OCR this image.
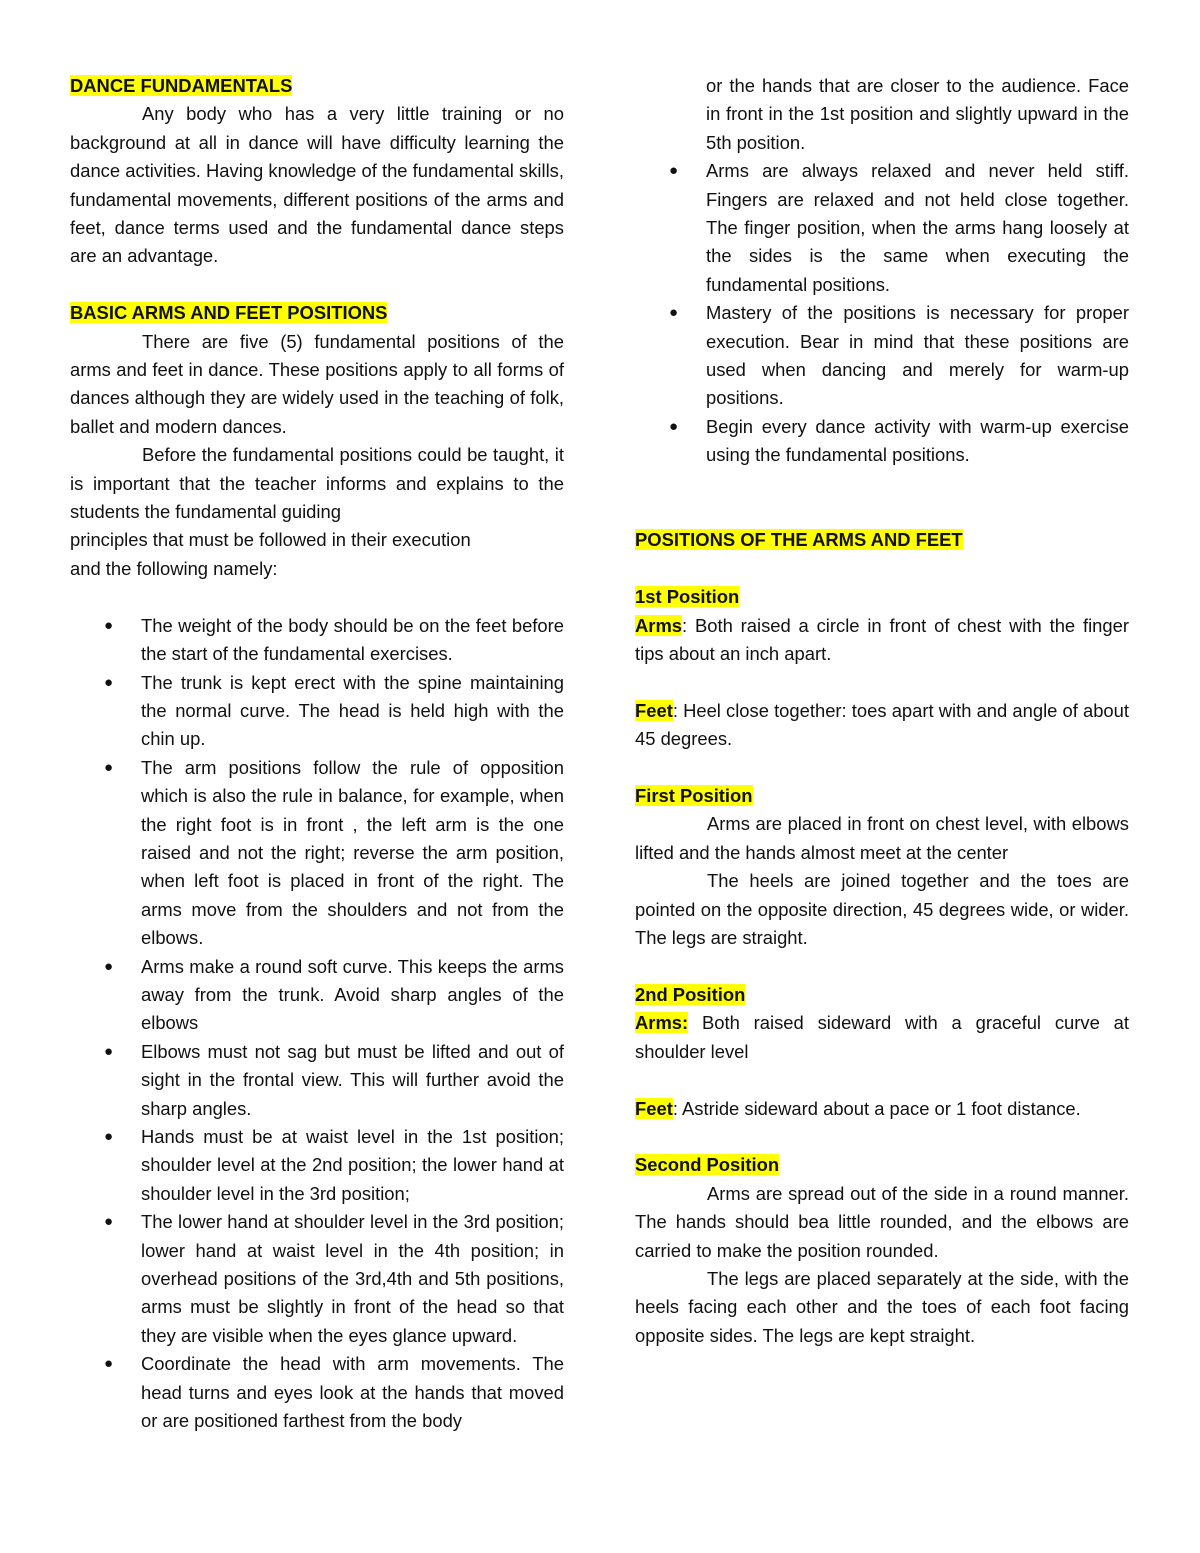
DANCE FUNDAMENTALS

Any body who has a very little training or no background at all in dance will have difficulty learning the dance activities. Having knowledge of the fundamental skills, fundamental movements, different positions of the arms and feet, dance terms used and the fundamental dance steps are an advantage.

BASIC ARMS AND FEET POSITIONS

There are five (5) fundamental positions of the arms and feet in dance. These positions apply to all forms of dances although they are widely used in the teaching of folk, ballet and modern dances.

Before the fundamental positions could be taught, it is important that the teacher informs and explains to the students the fundamental guiding

principles that must be followed in their execution

and the following namely:

● The weight of the body should be on the feet before the start of the fundamental exercises.
● The trunk is kept erect with the spine maintaining the normal curve. The head is held high with the chin up.
● The arm positions follow the rule of opposition which is also the rule in balance, for example, when the right foot is in front , the left arm is the one raised and not the right; reverse the arm position, when left foot is placed in front of the right. The arms move from the shoulders and not from the elbows.
● Arms make a round soft curve. This keeps the arms away from the trunk. Avoid sharp angles of the elbows
● Elbows must not sag but must be lifted and out of sight in the frontal view. This will further avoid the sharp angles.
● Hands must be at waist level in the 1st position; shoulder level at the 2nd position; the lower hand at shoulder level in the 3rd position;
● The lower hand at shoulder level in the 3rd position; lower hand at waist level in the 4th position; in overhead positions of the 3rd,4th and 5th positions, arms must be slightly in front of the head so that they are visible when the eyes glance upward.
● Coordinate the head with arm movements. The head turns and eyes look at the hands that moved or are positioned farthest from the body
or the hands that are closer to the audience. Face in front in the 1st position and slightly upward in the 5th position.
● Arms are always relaxed and never held stiff. Fingers are relaxed and not held close together. The finger position, when the arms hang loosely at the sides is the same when executing the fundamental positions.
● Mastery of the positions is necessary for proper execution. Bear in mind that these positions are used when dancing and merely for warm-up positions.
● Begin every dance activity with warm-up exercise using the fundamental positions.
POSITIONS OF THE ARMS AND FEET
1st Position

Arms: Both raised a circle in front of chest with the finger tips about an inch apart.

Feet: Heel close together: toes apart with and angle of about 45 degrees.

First Position

Arms are placed in front on chest level, with elbows lifted and the hands almost meet at the center

The heels are joined together and the toes are pointed on the opposite direction, 45 degrees wide, or wider. The legs are straight.

2nd Position

Arms: Both raised sideward with a graceful curve at shoulder level

Feet: Astride sideward about a pace or 1 foot distance.

Second Position

Arms are spread out of the side in a round manner. The hands should bea little rounded, and the elbows are carried to make the position rounded.

The legs are placed separately at the side, with the heels facing each other and the toes of each foot facing opposite sides. The legs are kept straight.
